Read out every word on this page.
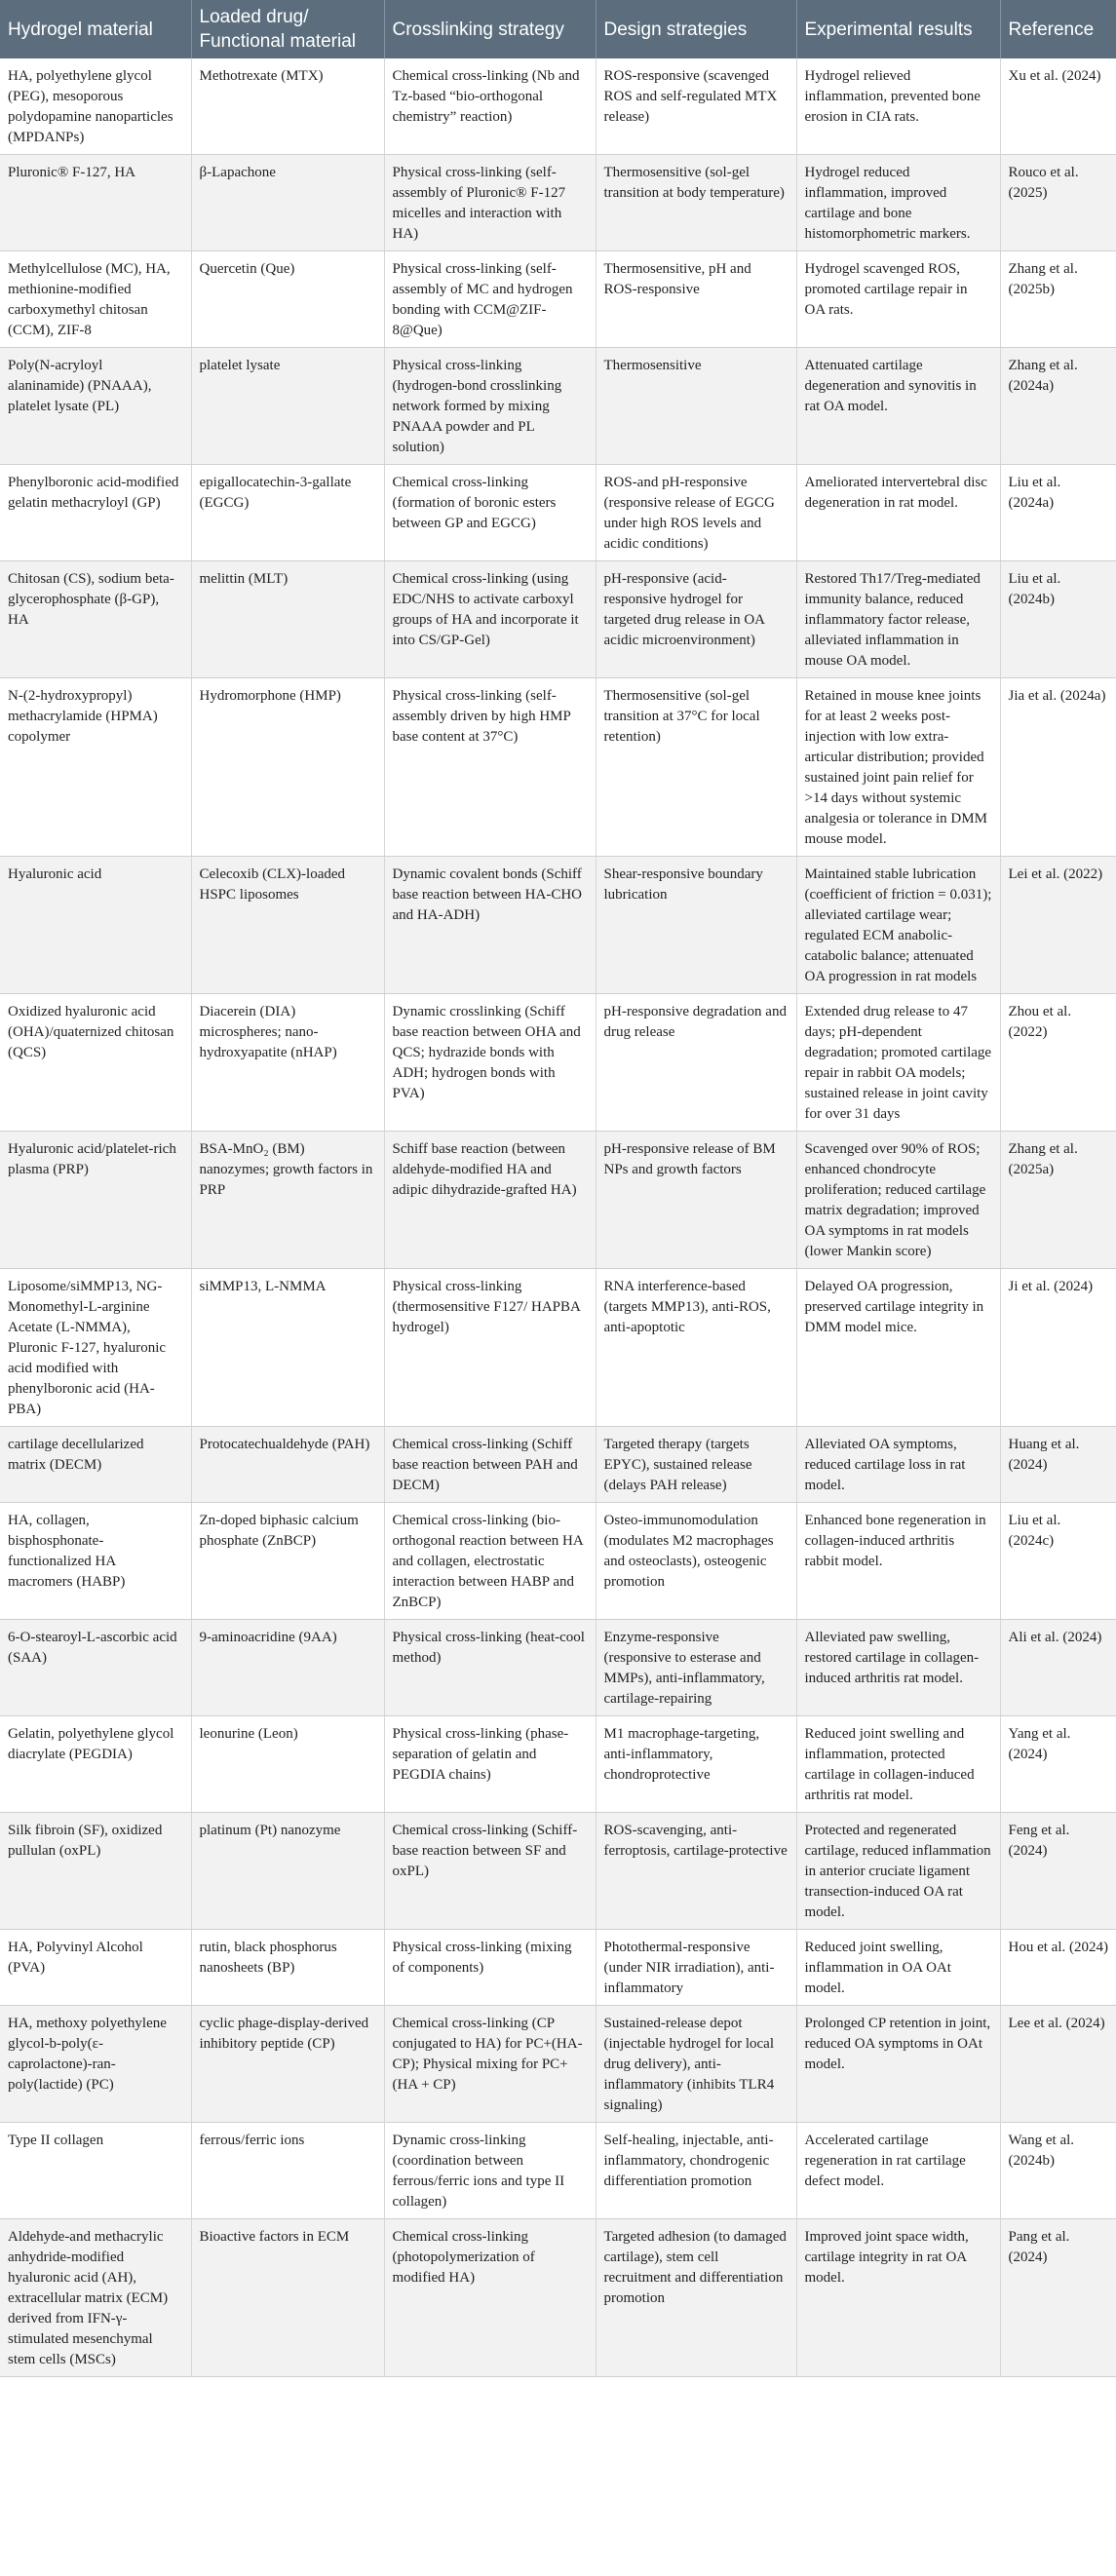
Hydrogel material	Loaded drug/ Functional material	Crosslinking strategy	Design strategies	Experimental results	Reference
HA, polyethylene glycol (PEG), mesoporous polydopamine nanoparticles (MPDANPs)	Methotrexate (MTX)	Chemical cross-linking (Nb and Tz-based “bio-orthogonal chemistry” reaction)	ROS-responsive (scavenged ROS and self-regulated MTX release)	Hydrogel relieved inflammation, prevented bone erosion in CIA rats.	Xu et al. (2024)
Pluronic® F-127, HA	β-Lapachone	Physical cross-linking (self-assembly of Pluronic® F-127 micelles and interaction with HA)	Thermosensitive (sol-gel transition at body temperature)	Hydrogel reduced inflammation, improved cartilage and bone histomorphometric markers.	Rouco et al. (2025)
Methylcellulose (MC), HA, methionine-modified carboxymethyl chitosan (CCM), ZIF-8	Quercetin (Que)	Physical cross-linking (self-assembly of MC and hydrogen bonding with CCM@ZIF-8@Que)	Thermosensitive, pH and ROS-responsive	Hydrogel scavenged ROS, promoted cartilage repair in OA rats.	Zhang et al. (2025b)
Poly(N-acryloyl alaninamide) (PNAAA), platelet lysate (PL)	platelet lysate	Physical cross-linking (hydrogen-bond crosslinking network formed by mixing PNAAA powder and PL solution)	Thermosensitive	Attenuated cartilage degeneration and synovitis in rat OA model.	Zhang et al. (2024a)
Phenylboronic acid-modified gelatin methacryloyl (GP)	epigallocatechin-3-gallate (EGCG)	Chemical cross-linking (formation of boronic esters between GP and EGCG)	ROS-and pH-responsive (responsive release of EGCG under high ROS levels and acidic conditions)	Ameliorated intervertebral disc degeneration in rat model.	Liu et al. (2024a)
Chitosan (CS), sodium beta-glycerophosphate (β-GP), HA	melittin (MLT)	Chemical cross-linking (using EDC/NHS to activate carboxyl groups of HA and incorporate it into CS/GP-Gel)	pH-responsive (acid-responsive hydrogel for targeted drug release in OA acidic microenvironment)	Restored Th17/Treg-mediated immunity balance, reduced inflammatory factor release, alleviated inflammation in mouse OA model.	Liu et al. (2024b)
N-(2-hydroxypropyl) methacrylamide (HPMA) copolymer	Hydromorphone (HMP)	Physical cross-linking (self-assembly driven by high HMP base content at 37°C)	Thermosensitive (sol-gel transition at 37°C for local retention)	Retained in mouse knee joints for at least 2 weeks post-injection with low extra-articular distribution; provided sustained joint pain relief for >14 days without systemic analgesia or tolerance in DMM mouse model.	Jia et al. (2024a)
Hyaluronic acid	Celecoxib (CLX)-loaded HSPC liposomes	Dynamic covalent bonds (Schiff base reaction between HA-CHO and HA-ADH)	Shear-responsive boundary lubrication	Maintained stable lubrication (coefficient of friction = 0.031); alleviated cartilage wear; regulated ECM anabolic-catabolic balance; attenuated OA progression in rat models	Lei et al. (2022)
Oxidized hyaluronic acid (OHA)/quaternized chitosan (QCS)	Diacerein (DIA) microspheres; nano-hydroxyapatite (nHAP)	Dynamic crosslinking (Schiff base reaction between OHA and QCS; hydrazide bonds with ADH; hydrogen bonds with PVA)	pH-responsive degradation and drug release	Extended drug release to 47 days; pH-dependent degradation; promoted cartilage repair in rabbit OA models; sustained release in joint cavity for over 31 days	Zhou et al. (2022)
Hyaluronic acid/platelet-rich plasma (PRP)	BSA-MnO₂ (BM) nanozymes; growth factors in PRP	Schiff base reaction (between aldehyde-modified HA and adipic dihydrazide-grafted HA)	pH-responsive release of BM NPs and growth factors	Scavenged over 90% of ROS; enhanced chondrocyte proliferation; reduced cartilage matrix degradation; improved OA symptoms in rat models (lower Mankin score)	Zhang et al. (2025a)
Liposome/siMMP13, NG-Monomethyl-L-arginine Acetate (L-NMMA), Pluronic F-127, hyaluronic acid modified with phenylboronic acid (HA-PBA)	siMMP13, L-NMMA	Physical cross-linking (thermosensitive F127/ HAPBA hydrogel)	RNA interference-based (targets MMP13), anti-ROS, anti-apoptotic	Delayed OA progression, preserved cartilage integrity in DMM model mice.	Ji et al. (2024)
cartilage decellularized matrix (DECM)	Protocatechualdehyde (PAH)	Chemical cross-linking (Schiff base reaction between PAH and DECM)	Targeted therapy (targets EPYC), sustained release (delays PAH release)	Alleviated OA symptoms, reduced cartilage loss in rat model.	Huang et al. (2024)
HA, collagen, bisphosphonate-functionalized HA macromers (HABP)	Zn-doped biphasic calcium phosphate (ZnBCP)	Chemical cross-linking (bio-orthogonal reaction between HA and collagen, electrostatic interaction between HABP and ZnBCP)	Osteo-immunomodulation (modulates M2 macrophages and osteoclasts), osteogenic promotion	Enhanced bone regeneration in collagen-induced arthritis rabbit model.	Liu et al. (2024c)
6-O-stearoyl-L-ascorbic acid (SAA)	9-aminoacridine (9AA)	Physical cross-linking (heat-cool method)	Enzyme-responsive (responsive to esterase and MMPs), anti-inflammatory, cartilage-repairing	Alleviated paw swelling, restored cartilage in collagen-induced arthritis rat model.	Ali et al. (2024)
Gelatin, polyethylene glycol diacrylate (PEGDIA)	leonurine (Leon)	Physical cross-linking (phase-separation of gelatin and PEGDIA chains)	M1 macrophage-targeting, anti-inflammatory, chondroprotective	Reduced joint swelling and inflammation, protected cartilage in collagen-induced arthritis rat model.	Yang et al. (2024)
Silk fibroin (SF), oxidized pullulan (oxPL)	platinum (Pt) nanozyme	Chemical cross-linking (Schiff-base reaction between SF and oxPL)	ROS-scavenging, anti-ferroptosis, cartilage-protective	Protected and regenerated cartilage, reduced inflammation in anterior cruciate ligament transection-induced OA rat model.	Feng et al. (2024)
HA, Polyvinyl Alcohol (PVA)	rutin, black phosphorus nanosheets (BP)	Physical cross-linking (mixing of components)	Photothermal-responsive (under NIR irradiation), anti-inflammatory	Reduced joint swelling, inflammation in OA OAt model.	Hou et al. (2024)
HA, methoxy polyethylene glycol-b-poly(ε-caprolactone)-ran-poly(lactide) (PC)	cyclic phage-display-derived inhibitory peptide (CP)	Chemical cross-linking (CP conjugated to HA) for PC+(HA-CP); Physical mixing for PC+(HA + CP)	Sustained-release depot (injectable hydrogel for local drug delivery), anti-inflammatory (inhibits TLR4 signaling)	Prolonged CP retention in joint, reduced OA symptoms in OAt model.	Lee et al. (2024)
Type II collagen	ferrous/ferric ions	Dynamic cross-linking (coordination between ferrous/ferric ions and type II collagen)	Self-healing, injectable, anti-inflammatory, chondrogenic differentiation promotion	Accelerated cartilage regeneration in rat cartilage defect model.	Wang et al. (2024b)
Aldehyde-and methacrylic anhydride-modified hyaluronic acid (AH), extracellular matrix (ECM) derived from IFN-γ-stimulated mesenchymal stem cells (MSCs)	Bioactive factors in ECM	Chemical cross-linking (photopolymerization of modified HA)	Targeted adhesion (to damaged cartilage), stem cell recruitment and differentiation promotion	Improved joint space width, cartilage integrity in rat OA model.	Pang et al. (2024)
